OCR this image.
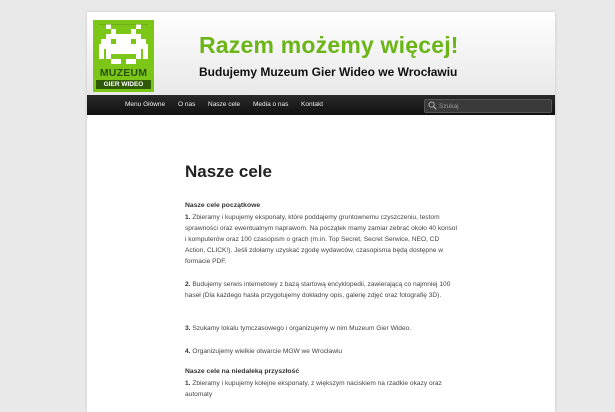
MUZEUM
GIER WIDEO
Razem możemy więcej!
Budujemy Muzeum Gier Wideo we Wrocławiu
Menu Główne O nas Nasze cele Media o nas Kontakt
Szukaj
Nasze cele
Nasze cele początkowe
1. Zbieramy i kupujemy eksponaty, które poddajemy gruntownemu czyszczeniu, testom sprawności oraz ewentualnym naprawom. Na początek mamy zamiar zebrać około 40 konsol i komputerów oraz 100 czasopism o grach (m.in. Top Secret, Secret Serwice, NEO, CD Action, CLICK!). Jeśli zdołamy uzyskać zgodę wydawców, czasopisma będą dostępne w formacie PDF.
2. Budujemy serwis internetowy z bazą startową encyklopedii, zawierającą co najmniej 100 haseł (Dla każdego hasła przygotujemy dokładny opis, galerię zdjęć oraz fotografię 3D).
3. Szukamy lokalu tymczasowego i organizujemy w nim Muzeum Gier Wideo.
4. Organizujemy wielkie otwarcie MGW we Wrocławiu
Nasze cele na niedaleką przyszłość
1. Zbieramy i kupujemy kolejne eksponaty, z większym naciskiem na rzadkie okazy oraz automaty
